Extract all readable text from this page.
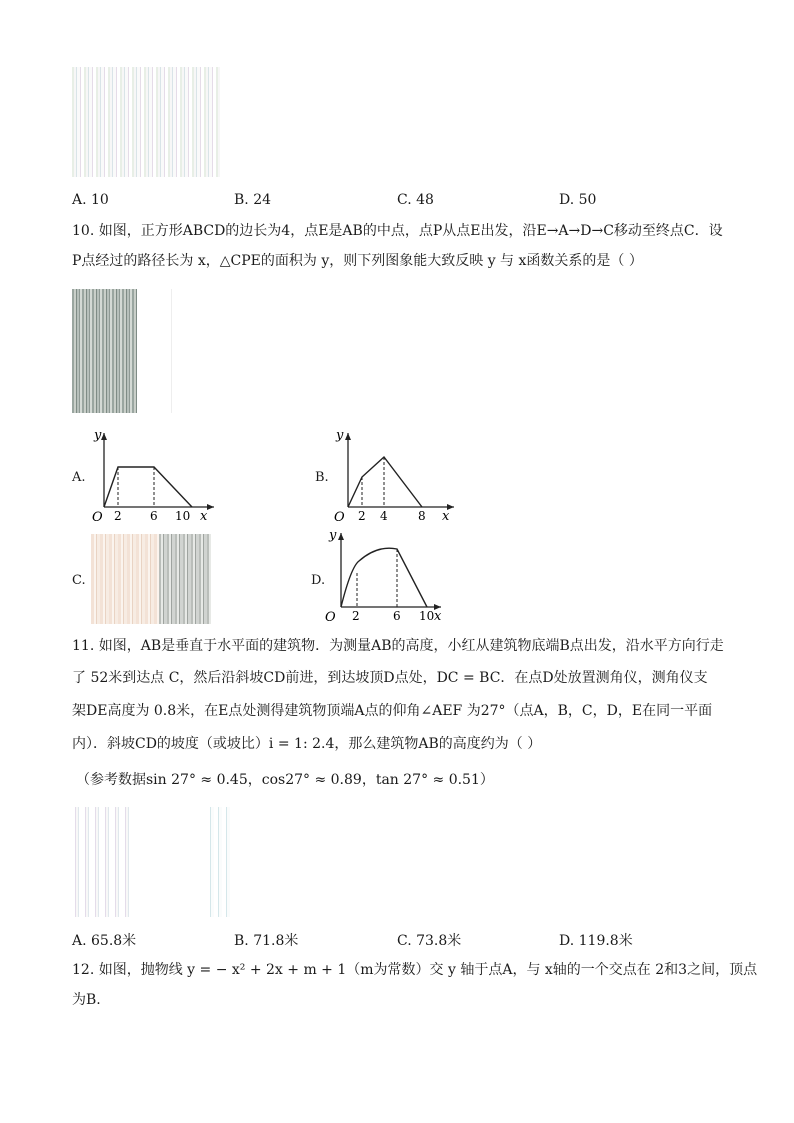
A. 10	B. 24	C. 48	D. 50
10. 如图，正方形ABCD的边长为4，点E是AB的中点，点P从点E出发，沿E→A→D→C移动至终点C．设
P点经过的路径长为 x，△CPE的面积为 y，则下列图象能大致反映 y 与 x函数关系的是（ ）
A.
y
x
O 2 6 10
B.
y
x
O 2 4	8
C.	D.
y
x
O 2	6 10
11. 如图，AB是垂直于水平面的建筑物．为测量AB的高度，小红从建筑物底端B点出发，沿水平方向行走
了 52米到达点 C，然后沿斜坡CD前进，到达坡顶D点处，DC = BC．在点D处放置测角仪，测角仪支
架DE高度为 0.8米，在E点处测得建筑物顶端A点的仰角∠AEF 为27°（点A，B，C，D，E在同一平面
内）．斜坡CD的坡度（或坡比）i = 1: 2.4，那么建筑物AB的高度约为（ ）
（参考数据sin 27° ≈ 0.45，cos27° ≈ 0.89，tan 27° ≈ 0.51）
A. 65.8米	B. 71.8米	C. 73.8米	D. 119.8米
12. 如图，抛物线 y = − x² + 2x + m + 1（m为常数）交 y 轴于点A，与 x轴的一个交点在 2和3之间，顶点
为B.
